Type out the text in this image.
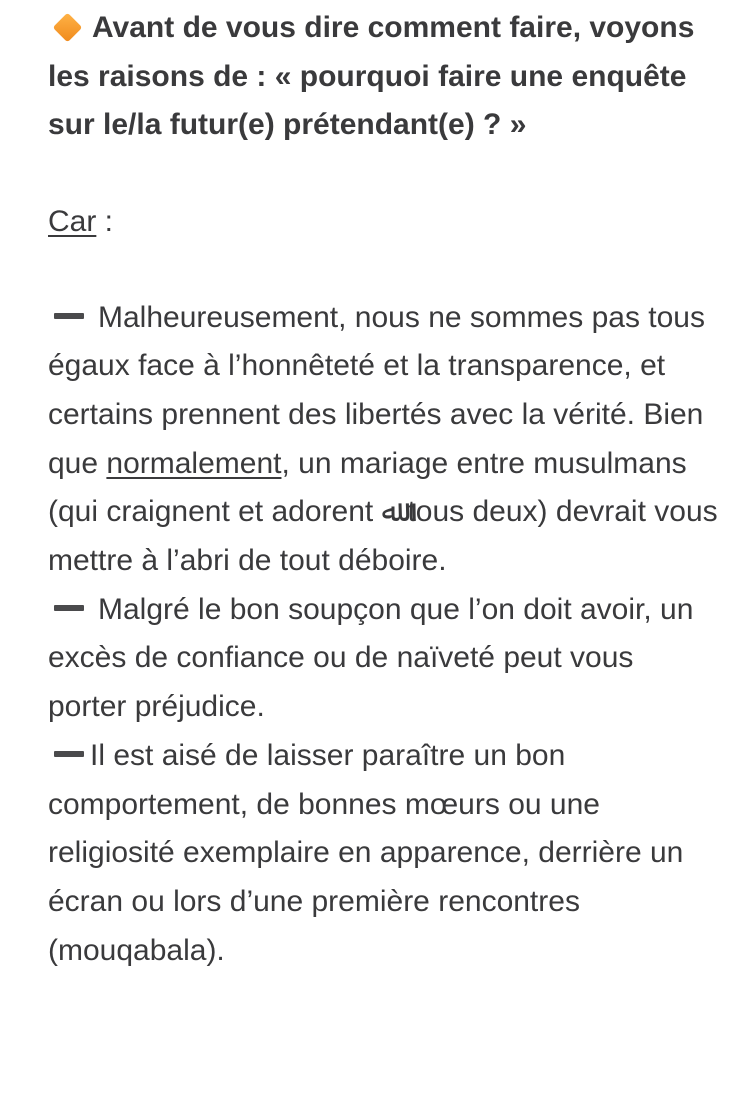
Avant de vous dire comment faire, voyons les raisons de : « pourquoi faire une enquête sur le/la futur(e) prétendant(e) ? »

Car :

Malheureusement, nous ne sommes pas tous égaux face à l’honnêteté et la transparence, et certains prennent des libertés avec la vérité. Bien que normalement, un mariage entre musulmans (qui craignent et adorent ﷲ tous deux) devrait vous mettre à l’abri de tout déboire.

Malgré le bon soupçon que l’on doit avoir, un excès de confiance ou de naïveté peut vous porter préjudice.

Il est aisé de laisser paraître un bon comportement, de bonnes mœurs ou une religiosité exemplaire en apparence, derrière un écran ou lors d’une première rencontres (mouqabala).
